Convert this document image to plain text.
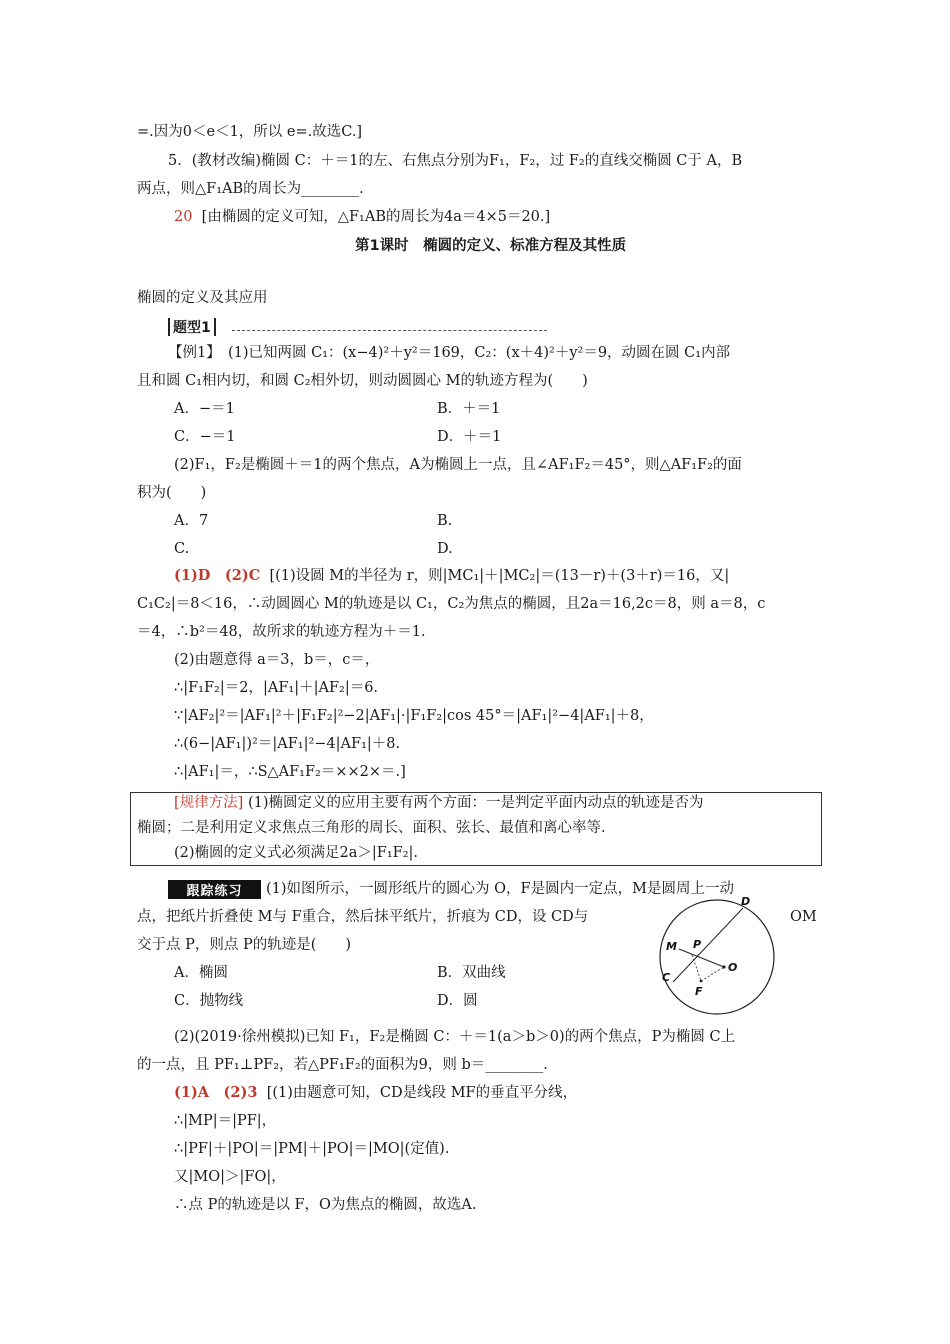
=.因为0＜e＜1，所以 e=.故选C.]
5．(教材改编)椭圆 C：＋＝1的左、右焦点分别为F₁，F₂，过 F₂的直线交椭圆 C于 A，B
两点，则△F₁AB的周长为________.
20 [由椭圆的定义可知，△F₁AB的周长为4a＝4×5＝20.]
第1课时　椭圆的定义、标准方程及其性质
椭圆的定义及其应用
题型1
【例1】　(1)已知两圆 C₁：(x−4)²＋y²＝169，C₂：(x＋4)²＋y²＝9，动圆在圆 C₁内部
且和圆 C₁相内切，和圆 C₂相外切，则动圆圆心 M的轨迹方程为(　　)
A．−＝1	B．＋＝1
C．−＝1	D．＋＝1
(2)F₁，F₂是椭圆＋＝1的两个焦点，A为椭圆上一点，且∠AF₁F₂＝45°，则△AF₁F₂的面
积为(　　)
A．7	B.
C.	D.
(1)D　(2)C [(1)设圆 M的半径为 r，则|MC₁|＋|MC₂|＝(13－r)＋(3＋r)＝16，又|
C₁C₂|＝8＜16，∴动圆圆心 M的轨迹是以 C₁，C₂为焦点的椭圆，且2a＝16,2c＝8，则 a＝8，c
＝4，∴b²＝48，故所求的轨迹方程为＋＝1.
(2)由题意得 a＝3，b＝，c＝，
∴|F₁F₂|＝2，|AF₁|＋|AF₂|＝6.
∵|AF₂|²＝|AF₁|²＋|F₁F₂|²−2|AF₁|·|F₁F₂|cos 45°＝|AF₁|²−4|AF₁|＋8，
∴(6−|AF₁|)²＝|AF₁|²−4|AF₁|＋8.
∴|AF₁|＝，∴S△AF₁F₂＝××2×＝.]
[规律方法] (1)椭圆定义的应用主要有两个方面：一是判定平面内动点的轨迹是否为
椭圆；二是利用定义求焦点三角形的周长、面积、弦长、最值和离心率等.
(2)椭圆的定义式必须满足2a＞|F₁F₂|.
跟踪练习	(1)如图所示，一圆形纸片的圆心为 O，F是圆内一定点，M是圆周上一动
点，把纸片折叠使 M与 F重合，然后抹平纸片，折痕为 CD，设 CD与	OM
交于点 P，则点 P的轨迹是(　　)
A．椭圆	B．双曲线
C．抛物线	D．圆
D
M P
O
C
F
(2)(2019·徐州模拟)已知 F₁，F₂是椭圆 C：＋＝1(a＞b＞0)的两个焦点，P为椭圆 C上
的一点，且 PF₁⊥PF₂，若△PF₁F₂的面积为9，则 b＝________.
(1)A　(2)3 [(1)由题意可知，CD是线段 MF的垂直平分线，
∴|MP|＝|PF|，
∴|PF|＋|PO|＝|PM|＋|PO|＝|MO|(定值).
又|MO|＞|FO|，
∴点 P的轨迹是以 F，O为焦点的椭圆，故选A.
